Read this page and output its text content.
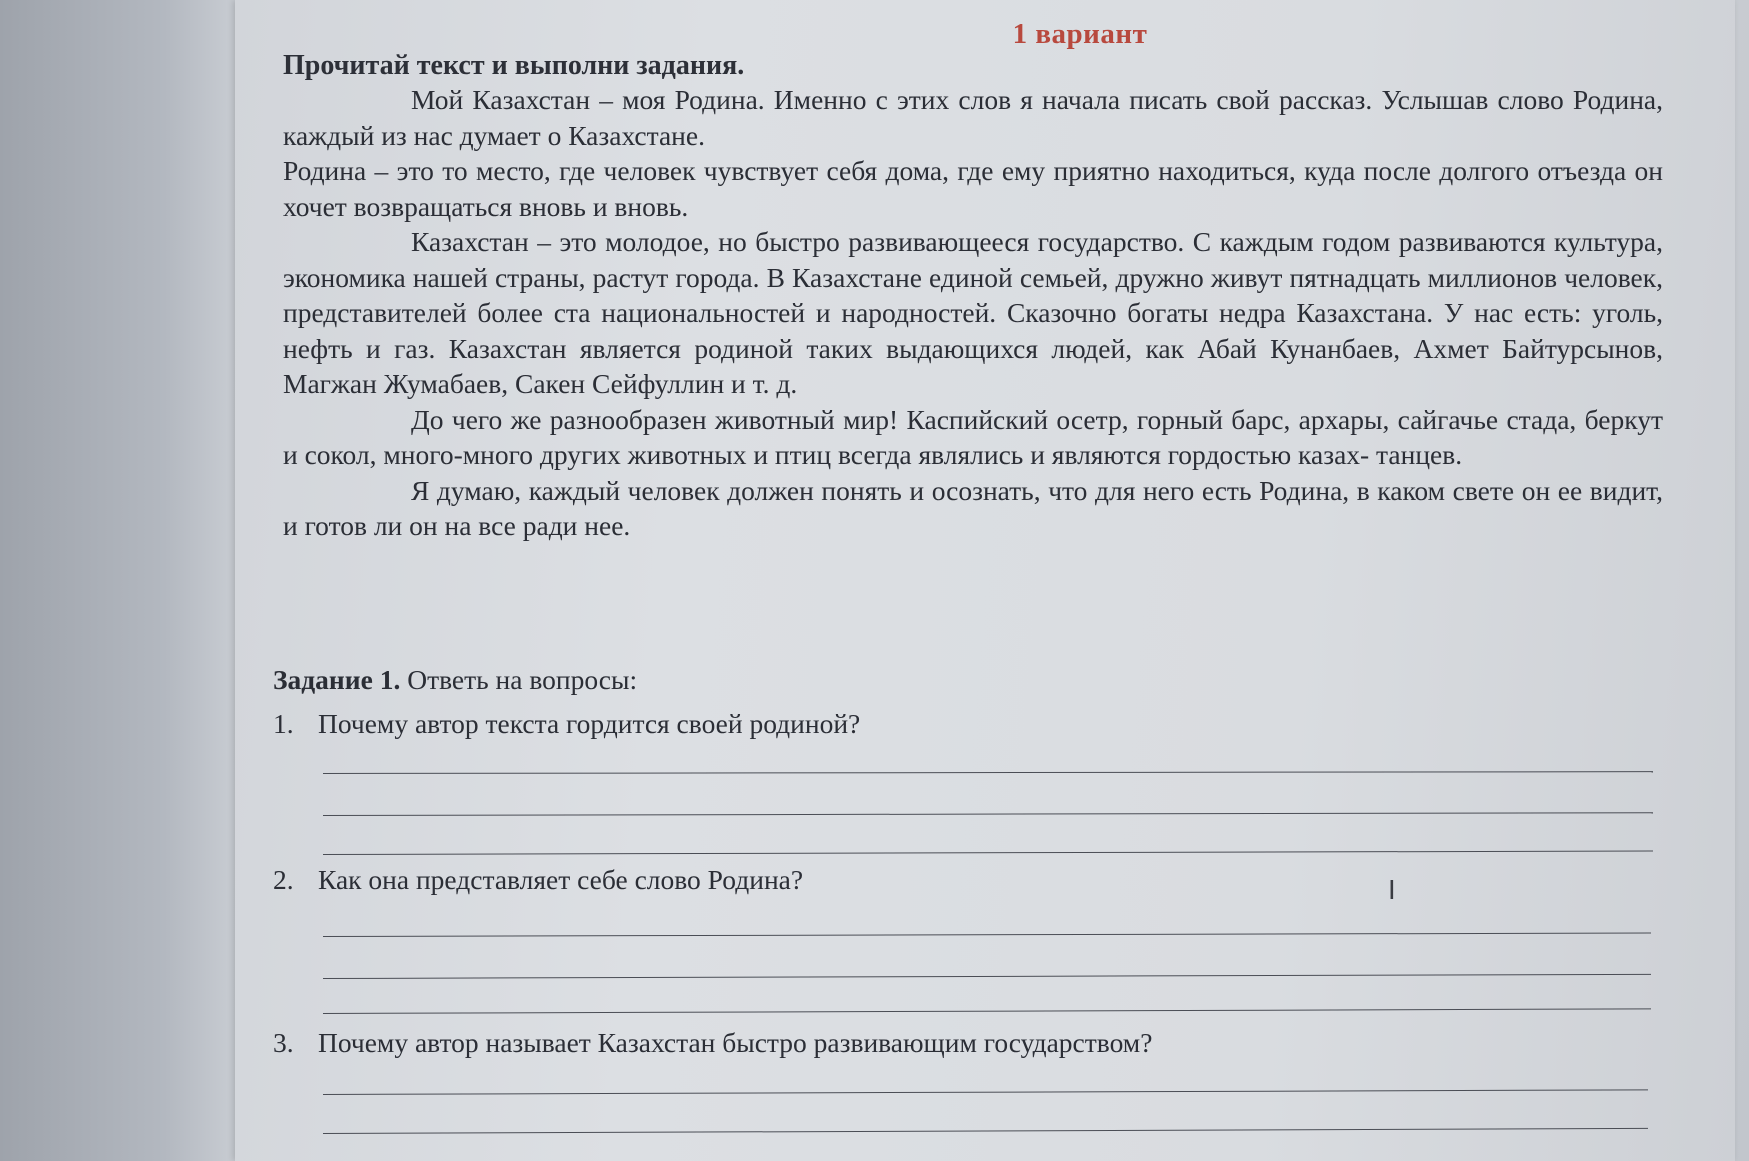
1 вариант
Прочитай текст и выполни задания.

Мой Казахстан – моя Родина. Именно с этих слов я начала писать свой рассказ. Услышав слово Родина, каждый из нас думает о Казахстане.

Родина – это то место, где человек чувствует себя дома, где ему приятно находиться, куда после долгого отъезда он хочет возвращаться вновь и вновь.

Казахстан – это молодое, но быстро развивающееся государство. С каждым годом развиваются культура, экономика нашей страны, растут города. В Казахстане единой семьей, дружно живут пятнадцать миллионов человек, представителей более ста национальностей и народностей. Сказочно богаты недра Казахстана. У нас есть: уголь, нефть и газ. Казахстан является родиной таких выдающихся людей, как Абай Кунанбаев, Ахмет Байтурсынов, Магжан Жумабаев, Сакен Сейфуллин и т. д.

До чего же разнообразен животный мир! Каспийский осетр, горный барс, архары, сайгачье стада, беркут и сокол, много-много других животных и птиц всегда являлись и являются гордостью казах- танцев.

Я думаю, каждый человек должен понять и осознать, что для него есть Родина, в каком свете он ее видит, и готов ли он на все ради нее.

Задание 1. Ответь на вопросы:
1. Почему автор текста гордится своей родиной?
2. Как она представляет себе слово Родина?
3. Почему автор называет Казахстан быстро развивающим государством?
I
